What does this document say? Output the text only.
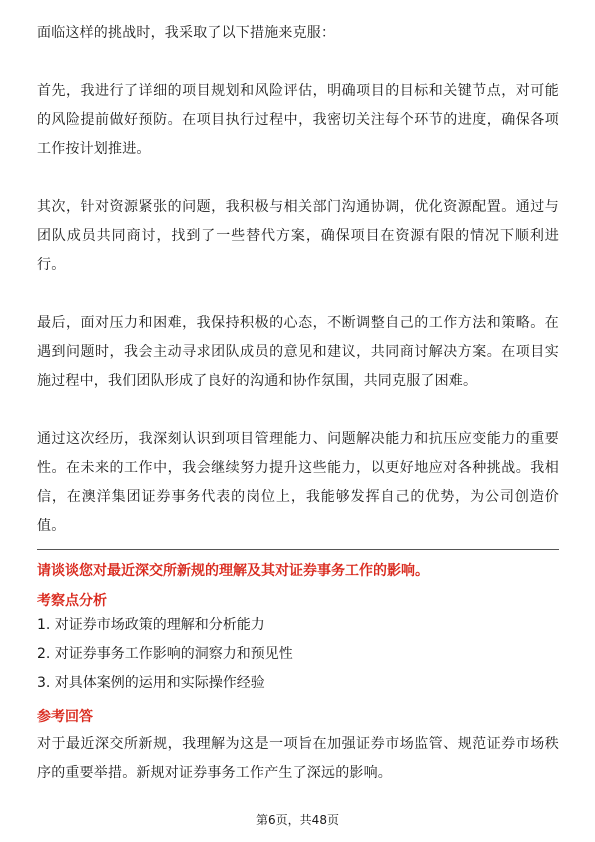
面临这样的挑战时，我采取了以下措施来克服：

首先，我进行了详细的项目规划和风险评估，明确项目的目标和关键节点，对可能的风险提前做好预防。在项目执行过程中，我密切关注每个环节的进度，确保各项工作按计划推进。

其次，针对资源紧张的问题，我积极与相关部门沟通协调，优化资源配置。通过与团队成员共同商讨，找到了一些替代方案，确保项目在资源有限的情况下顺利进行。

最后，面对压力和困难，我保持积极的心态，不断调整自己的工作方法和策略。在遇到问题时，我会主动寻求团队成员的意见和建议，共同商讨解决方案。在项目实施过程中，我们团队形成了良好的沟通和协作氛围，共同克服了困难。

通过这次经历，我深刻认识到项目管理能力、问题解决能力和抗压应变能力的重要性。在未来的工作中，我会继续努力提升这些能力，以更好地应对各种挑战。我相信，在澳洋集团证券事务代表的岗位上，我能够发挥自己的优势，为公司创造价值。

请谈谈您对最近深交所新规的理解及其对证券事务工作的影响。

考察点分析

1. 对证券市场政策的理解和分析能力

2. 对证券事务工作影响的洞察力和预见性

3. 对具体案例的运用和实际操作经验

参考回答

对于最近深交所新规，我理解为这是一项旨在加强证券市场监管、规范证券市场秩序的重要举措。新规对证券事务工作产生了深远的影响。

第6页，共48页
